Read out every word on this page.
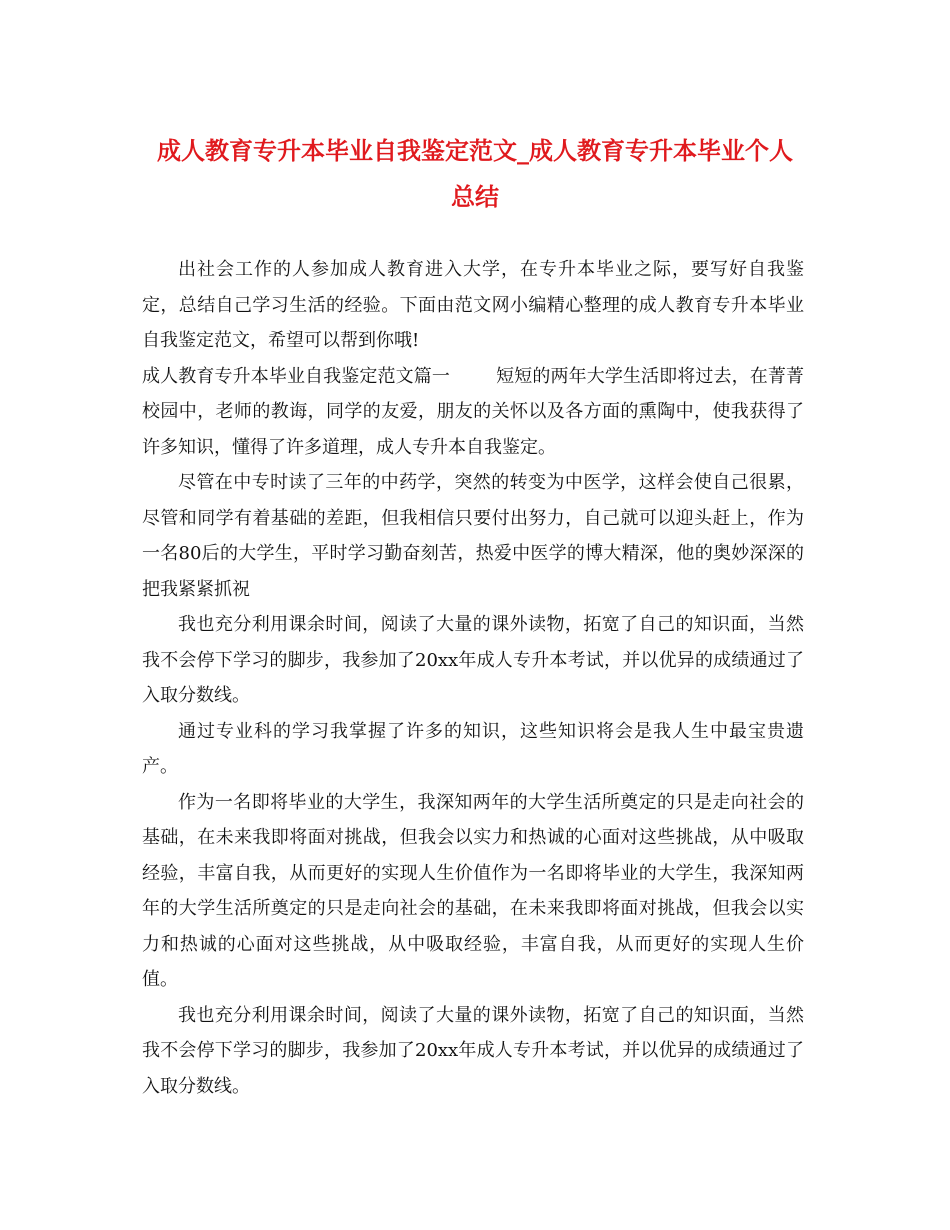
成人教育专升本毕业自我鉴定范文_成人教育专升本毕业个人
总结

出社会工作的人参加成人教育进入大学，在专升本毕业之际，要写好自我鉴定，总结自己学习生活的经验。下面由范文网小编精心整理的成人教育专升本毕业自我鉴定范文，希望可以帮到你哦!

成人教育专升本毕业自我鉴定范文篇一	短短的两年大学生活即将过去，在菁菁校园中，老师的教诲，同学的友爱，朋友的关怀以及各方面的熏陶中，使我获得了许多知识，懂得了许多道理，成人专升本自我鉴定。

尽管在中专时读了三年的中药学，突然的转变为中医学，这样会使自己很累，尽管和同学有着基础的差距，但我相信只要付出努力，自己就可以迎头赶上，作为一名80后的大学生，平时学习勤奋刻苦，热爱中医学的博大精深，他的奥妙深深的把我紧紧抓祝

我也充分利用课余时间，阅读了大量的课外读物，拓宽了自己的知识面，当然我不会停下学习的脚步，我参加了20xx年成人专升本考试，并以优异的成绩通过了入取分数线。

通过专业科的学习我掌握了许多的知识，这些知识将会是我人生中最宝贵遗产。

作为一名即将毕业的大学生，我深知两年的大学生活所奠定的只是走向社会的基础，在未来我即将面对挑战，但我会以实力和热诚的心面对这些挑战，从中吸取经验，丰富自我，从而更好的实现人生价值作为一名即将毕业的大学生，我深知两年的大学生活所奠定的只是走向社会的基础，在未来我即将面对挑战，但我会以实力和热诚的心面对这些挑战，从中吸取经验，丰富自我，从而更好的实现人生价值。

我也充分利用课余时间，阅读了大量的课外读物，拓宽了自己的知识面，当然我不会停下学习的脚步，我参加了20xx年成人专升本考试，并以优异的成绩通过了入取分数线。
